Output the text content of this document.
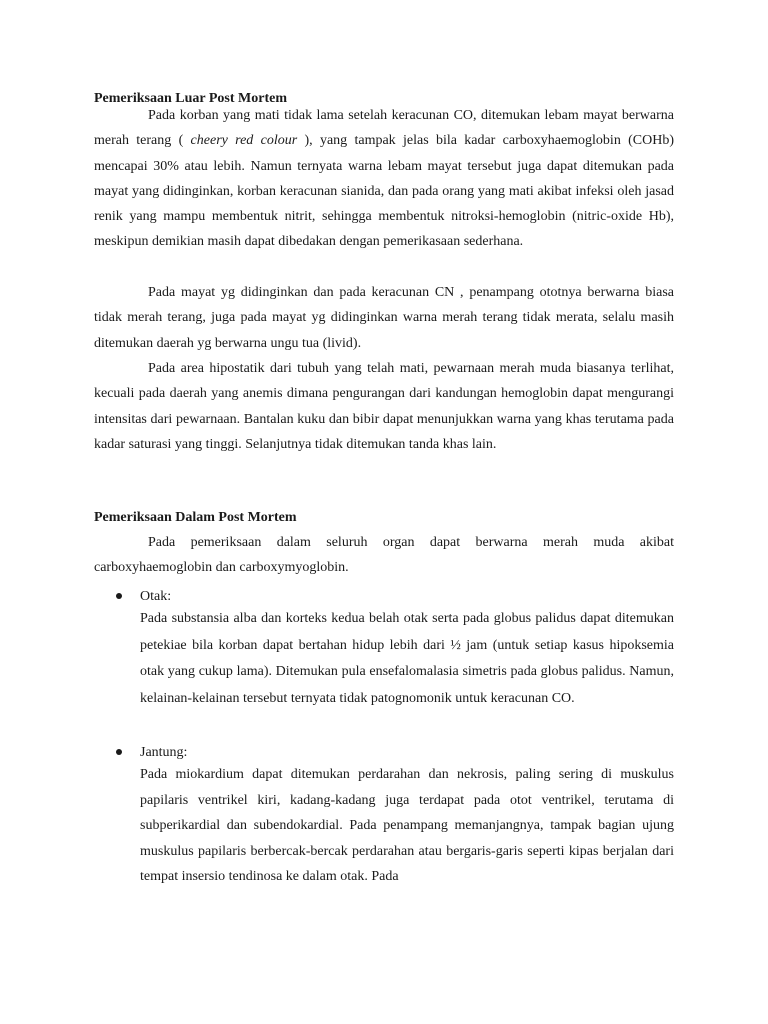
Pemeriksaan Luar Post Mortem

Pada korban yang mati tidak lama setelah keracunan CO, ditemukan lebam mayat berwarna merah terang ( cheery red colour ), yang tampak jelas bila kadar carboxyhaemoglobin (COHb) mencapai 30% atau lebih. Namun ternyata warna lebam mayat tersebut juga dapat ditemukan pada mayat yang didinginkan, korban keracunan sianida, dan pada orang yang mati akibat infeksi oleh jasad renik yang mampu membentuk nitrit, sehingga membentuk nitroksi-hemoglobin (nitric-oxide Hb), meskipun demikian masih dapat dibedakan dengan pemerikasaan sederhana.

Pada mayat yg didinginkan dan pada keracunan CN , penampang ototnya berwarna biasa tidak merah terang, juga pada mayat yg didinginkan warna merah terang tidak merata, selalu masih ditemukan daerah yg berwarna ungu tua (livid).

Pada area hipostatik dari tubuh yang telah mati, pewarnaan merah muda biasanya terlihat, kecuali pada daerah yang anemis dimana pengurangan dari kandungan hemoglobin dapat mengurangi intensitas dari pewarnaan. Bantalan kuku dan bibir dapat menunjukkan warna yang khas terutama pada kadar saturasi yang tinggi. Selanjutnya tidak ditemukan tanda khas lain.

Pemeriksaan Dalam Post Mortem

Pada pemeriksaan dalam seluruh organ dapat berwarna merah muda akibat carboxyhaemoglobin dan carboxymyoglobin.

Otak:

Pada substansia alba dan korteks kedua belah otak serta pada globus palidus dapat ditemukan petekiae bila korban dapat bertahan hidup lebih dari ½ jam (untuk setiap kasus hipoksemia otak yang cukup lama). Ditemukan pula ensefalomalasia simetris pada globus palidus. Namun, kelainan-kelainan tersebut ternyata tidak patognomonik untuk keracunan CO.

Jantung:

Pada miokardium dapat ditemukan perdarahan dan nekrosis, paling sering di muskulus papilaris ventrikel kiri, kadang-kadang juga terdapat pada otot ventrikel, terutama di subperikardial dan subendokardial. Pada penampang memanjangnya, tampak bagian ujung muskulus papilaris berbercak-bercak perdarahan atau bergaris-garis seperti kipas berjalan dari tempat insersio tendinosa ke dalam otak. Pada
